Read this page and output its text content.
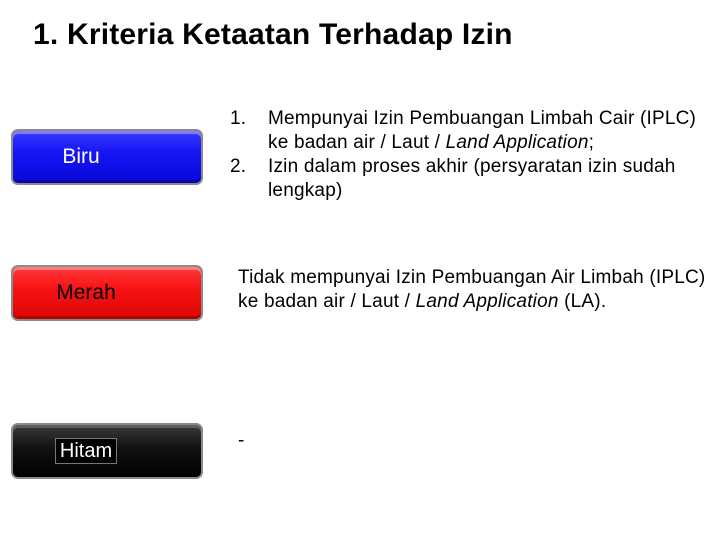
1. Kriteria Ketaatan Terhadap Izin
Biru
1.	Mempunyai Izin Pembuangan Limbah Cair (IPLC) ke badan air / Laut / Land Application;
2.	Izin dalam proses akhir (persyaratan izin sudah lengkap)
Merah
Tidak mempunyai Izin Pembuangan Air Limbah (IPLC) ke badan air / Laut / Land Application (LA).
Hitam	-
